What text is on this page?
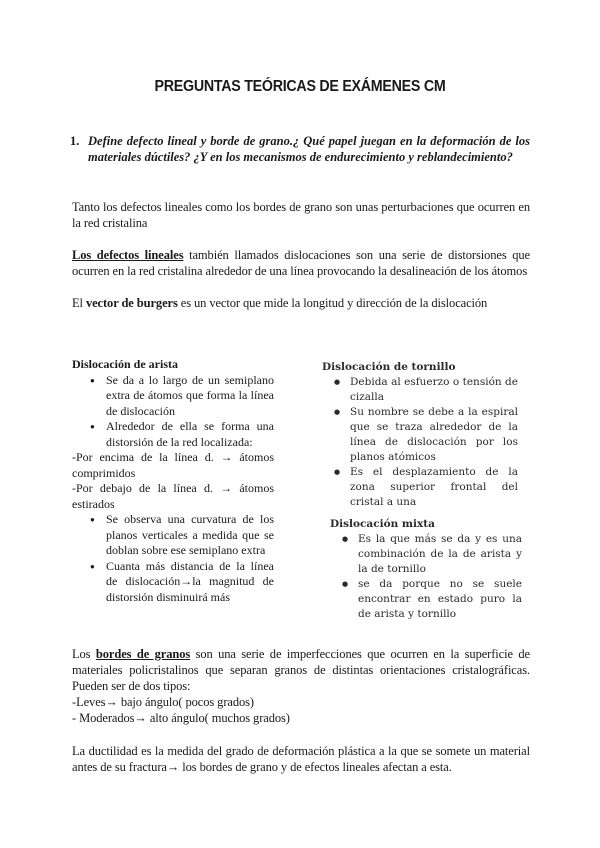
PREGUNTAS TEÓRICAS DE EXÁMENES CM
1. Define defecto lineal y borde de grano.¿ Qué papel juegan en la deformación de los materiales dúctiles? ¿Y en los mecanismos de endurecimiento y reblandecimiento?
Tanto los defectos lineales como los bordes de grano son unas perturbaciones que ocurren en la red cristalina
Los defectos lineales también llamados dislocaciones son una serie de distorsiones que ocurren en la red cristalina alrededor de una línea provocando la desalineación de los átomos
El vector de burgers es un vector que mide la longitud y dirección de la dislocación
Dislocación de arista
● Se da a lo largo de un semiplano extra de átomos que forma la línea de dislocación
● Alrededor de ella se forma una distorsión de la red localizada:
-Por encima de la línea d. → átomos comprimidos
-Por debajo de la línea d. → átomos estirados
● Se observa una curvatura de los planos verticales a medida que se doblan sobre ese semiplano extra
● Cuanta más distancia de la línea de dislocación→la magnitud de distorsión disminuirá más
Dislocación de tornillo
● Debida al esfuerzo o tensión de cizalla
● Su nombre se debe a la espiral que se traza alrededor de la línea de dislocación por los planos atómicos
● Es el desplazamiento de la zona superior frontal del cristal a una
Dislocación mixta
● Es la que más se da y es una combinación de la de arista y la de tornillo
● se da porque no se suele encontrar en estado puro la de arista y tornillo
Los bordes de granos son una serie de imperfecciones que ocurren en la superficie de materiales policristalinos que separan granos de distintas orientaciones cristalográficas. Pueden ser de dos tipos:
-Leves→ bajo ángulo( pocos grados)
- Moderados→ alto ángulo( muchos grados)
La ductilidad es la medida del grado de deformación plástica a la que se somete un material antes de su fractura→ los bordes de grano y de efectos lineales afectan a esta.
